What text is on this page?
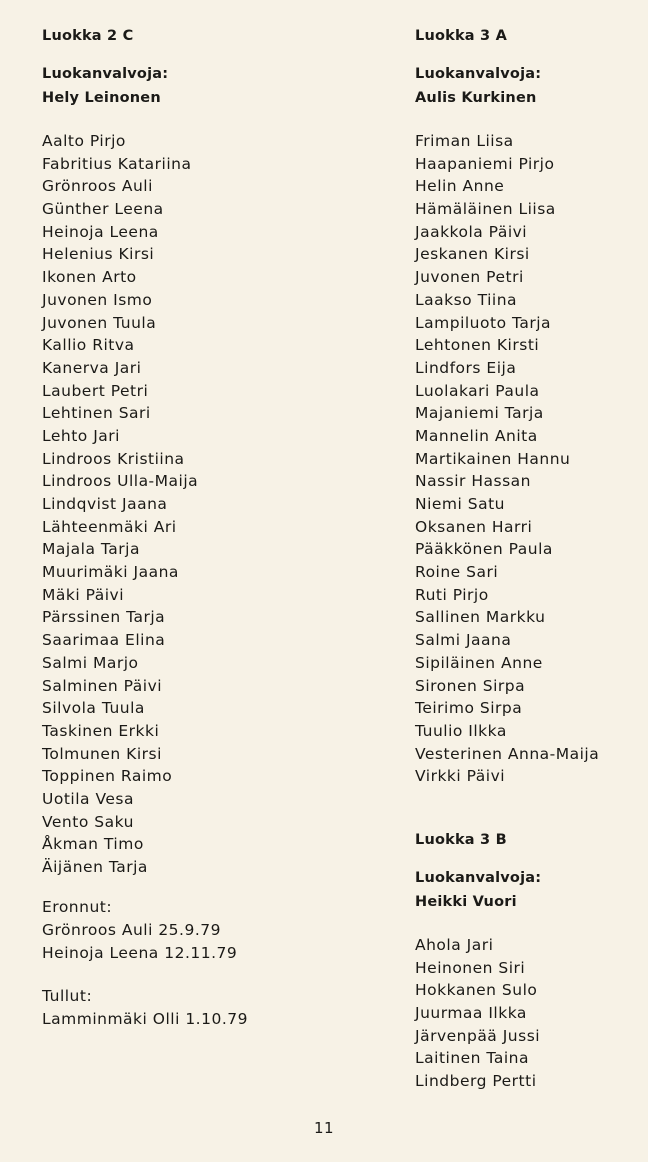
Luokka 2 C
Luokanvalvoja:
Hely Leinonen
Aalto Pirjo
Fabritius Katariina
Grönroos Auli
Günther Leena
Heinoja Leena
Helenius Kirsi
Ikonen Arto
Juvonen Ismo
Juvonen Tuula
Kallio Ritva
Kanerva Jari
Laubert Petri
Lehtinen Sari
Lehto Jari
Lindroos Kristiina
Lindroos Ulla-Maija
Lindqvist Jaana
Lähteenmäki Ari
Majala Tarja
Muurimäki Jaana
Mäki Päivi
Pärssinen Tarja
Saarimaa Elina
Salmi Marjo
Salminen Päivi
Silvola Tuula
Taskinen Erkki
Tolmunen Kirsi
Toppinen Raimo
Uotila Vesa
Vento Saku
Åkman Timo
Äijänen Tarja
Eronnut:
Grönroos Auli 25.9.79
Heinoja Leena 12.11.79
Tullut:
Lamminmäki Olli 1.10.79
Luokka 3 A
Luokanvalvoja:
Aulis Kurkinen
Friman Liisa
Haapaniemi Pirjo
Helin Anne
Hämäläinen Liisa
Jaakkola Päivi
Jeskanen Kirsi
Juvonen Petri
Laakso Tiina
Lampiluoto Tarja
Lehtonen Kirsti
Lindfors Eija
Luolakari Paula
Majaniemi Tarja
Mannelin Anita
Martikainen Hannu
Nassir Hassan
Niemi Satu
Oksanen Harri
Pääkkönen Paula
Roine Sari
Ruti Pirjo
Sallinen Markku
Salmi Jaana
Sipiläinen Anne
Sironen Sirpa
Teirimo Sirpa
Tuulio Ilkka
Vesterinen Anna-Maija
Virkki Päivi
Luokka 3 B
Luokanvalvoja:
Heikki Vuori
Ahola Jari
Heinonen Siri
Hokkanen Sulo
Juurmaa Ilkka
Järvenpää Jussi
Laitinen Taina
Lindberg Pertti
11
